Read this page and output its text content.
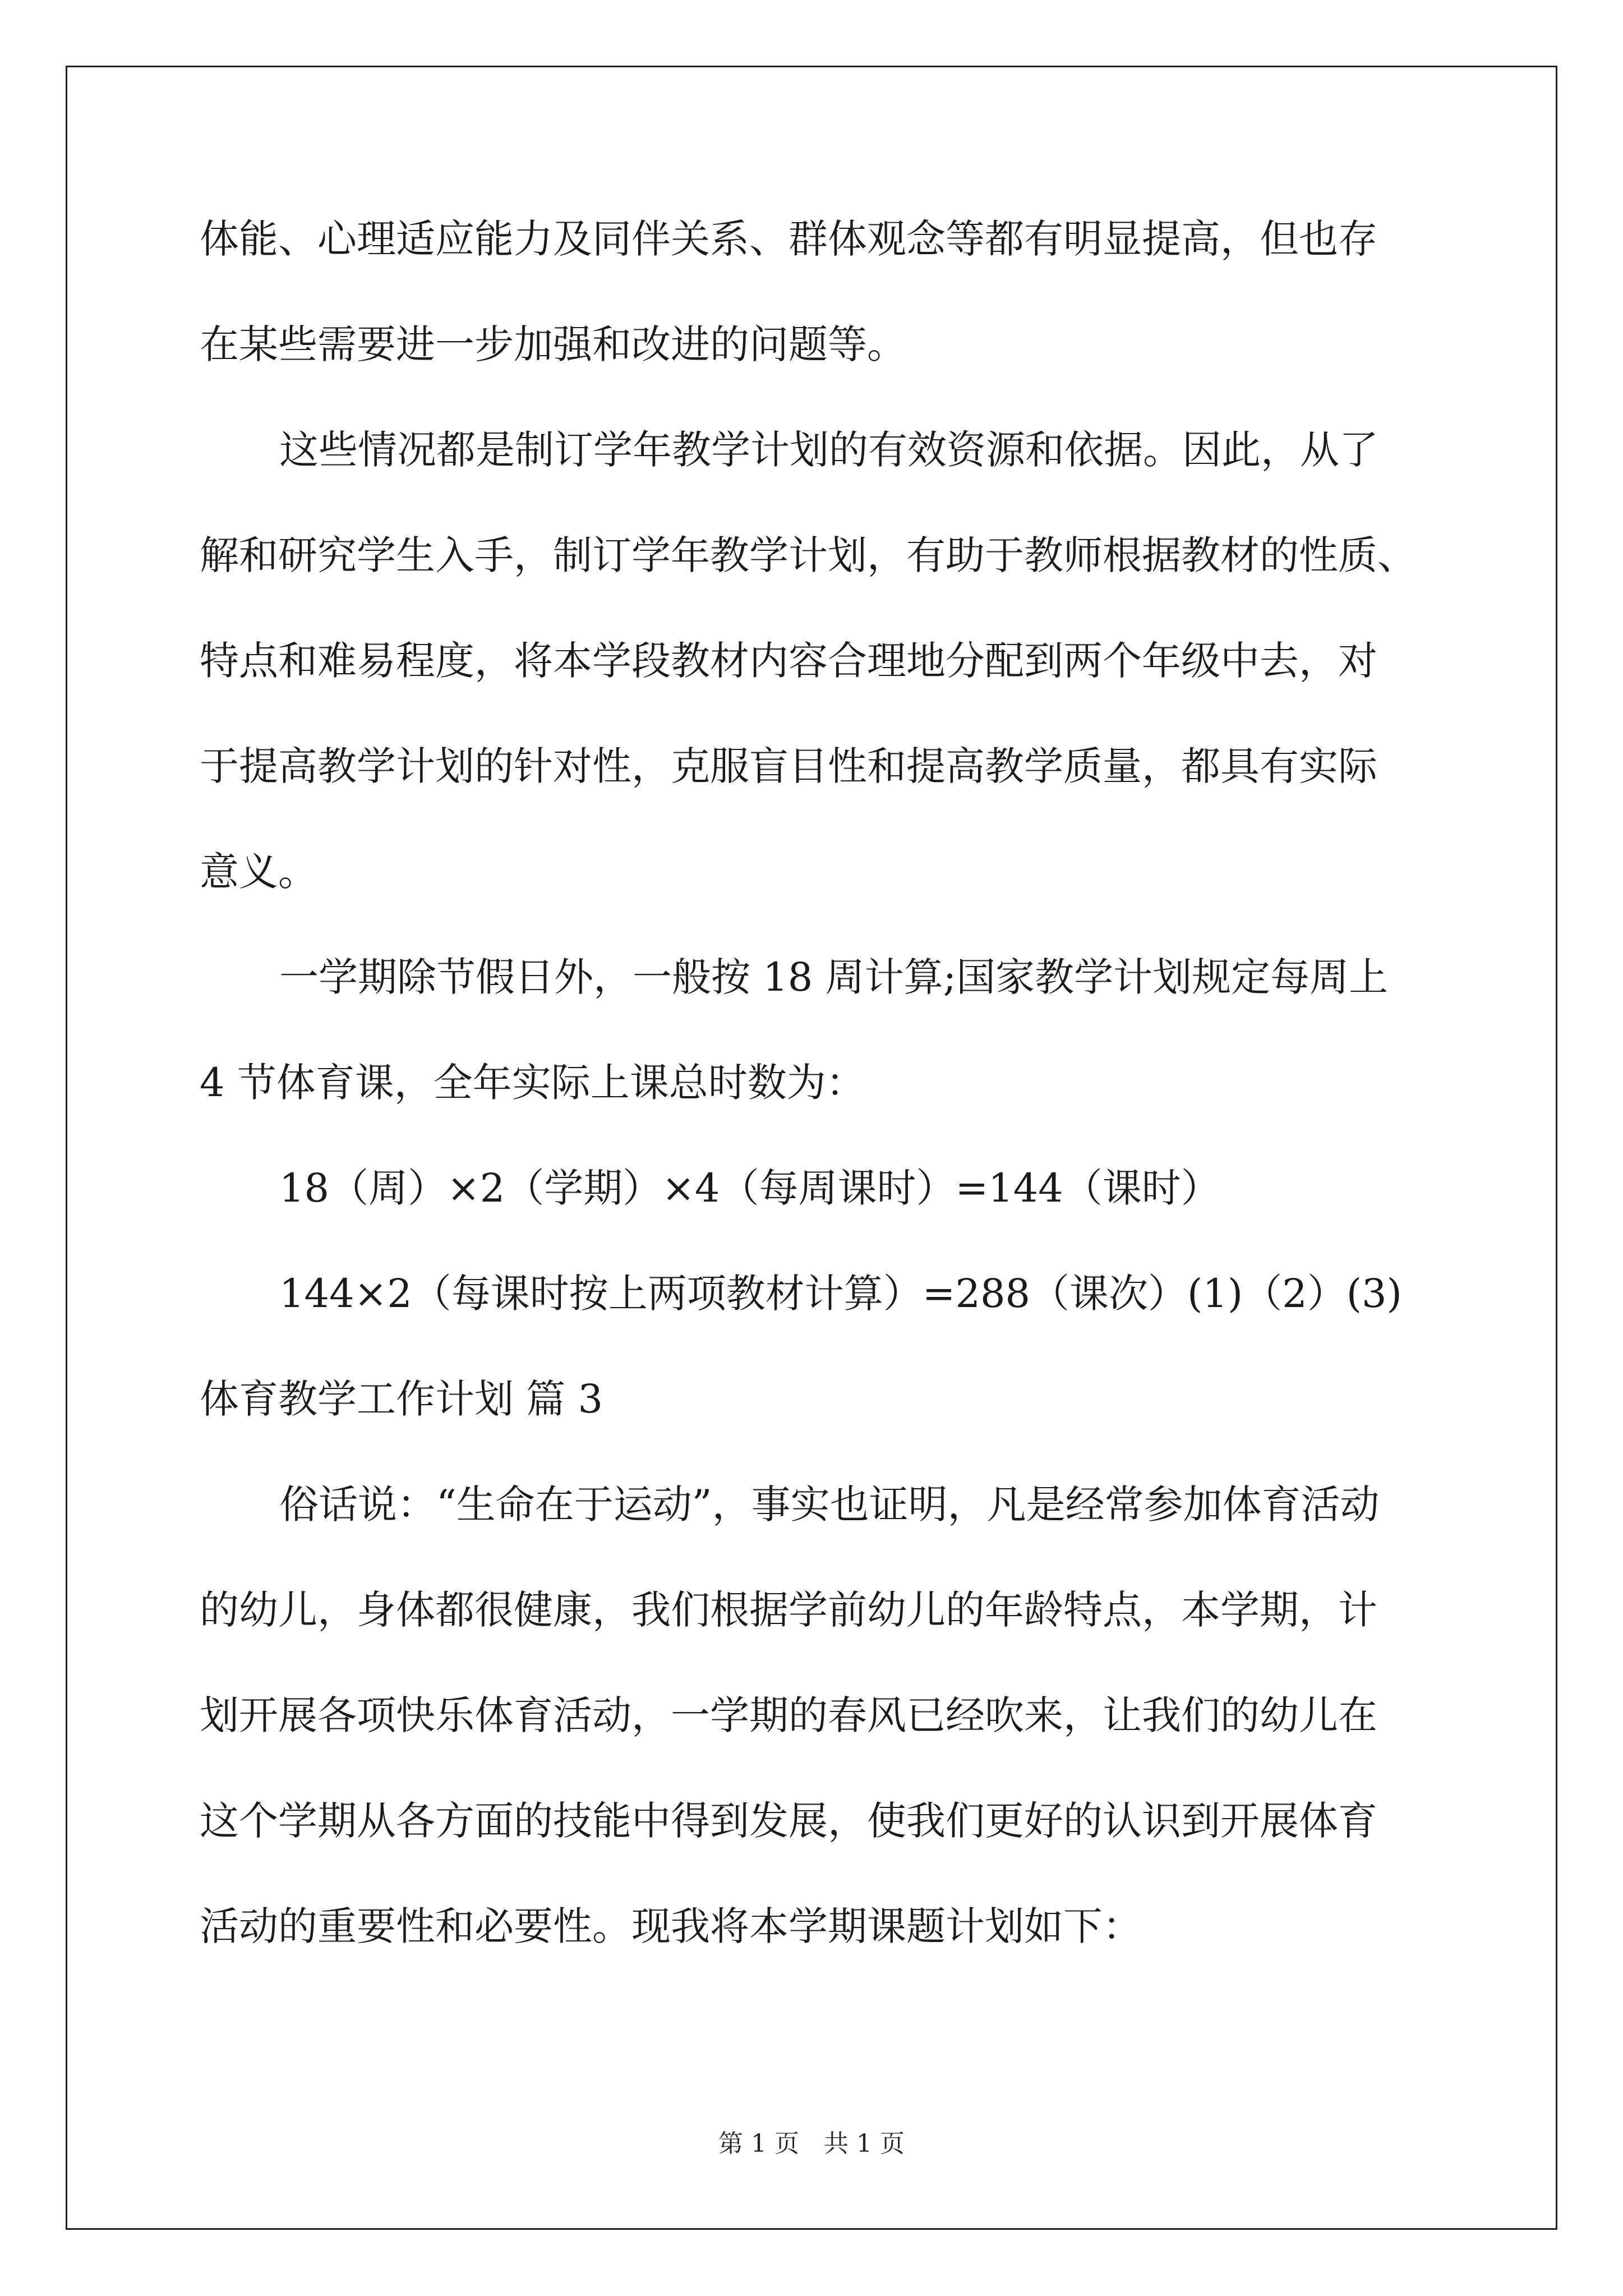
体能、心理适应能力及同伴关系、群体观念等都有明显提高，但也存
在某些需要进一步加强和改进的问题等。
这些情况都是制订学年教学计划的有效资源和依据。因此，从了
解和研究学生入手，制订学年教学计划，有助于教师根据教材的性质、
特点和难易程度，将本学段教材内容合理地分配到两个年级中去，对
于提高教学计划的针对性，克服盲目性和提高教学质量，都具有实际
意义。
一学期除节假日外，一般按 18 周计算;国家教学计划规定每周上
4 节体育课，全年实际上课总时数为：
18（周）×2（学期）×4（每周课时）=144（课时）
144×2（每课时按上两项教材计算）=288（课次）(1)（2）(3)
体育教学工作计划 篇 3
俗话说：“生命在于运动”，事实也证明，凡是经常参加体育活动
的幼儿，身体都很健康，我们根据学前幼儿的年龄特点，本学期，计
划开展各项快乐体育活动，一学期的春风已经吹来，让我们的幼儿在
这个学期从各方面的技能中得到发展，使我们更好的认识到开展体育
活动的重要性和必要性。现我将本学期课题计划如下：
第 1 页　共 1 页
